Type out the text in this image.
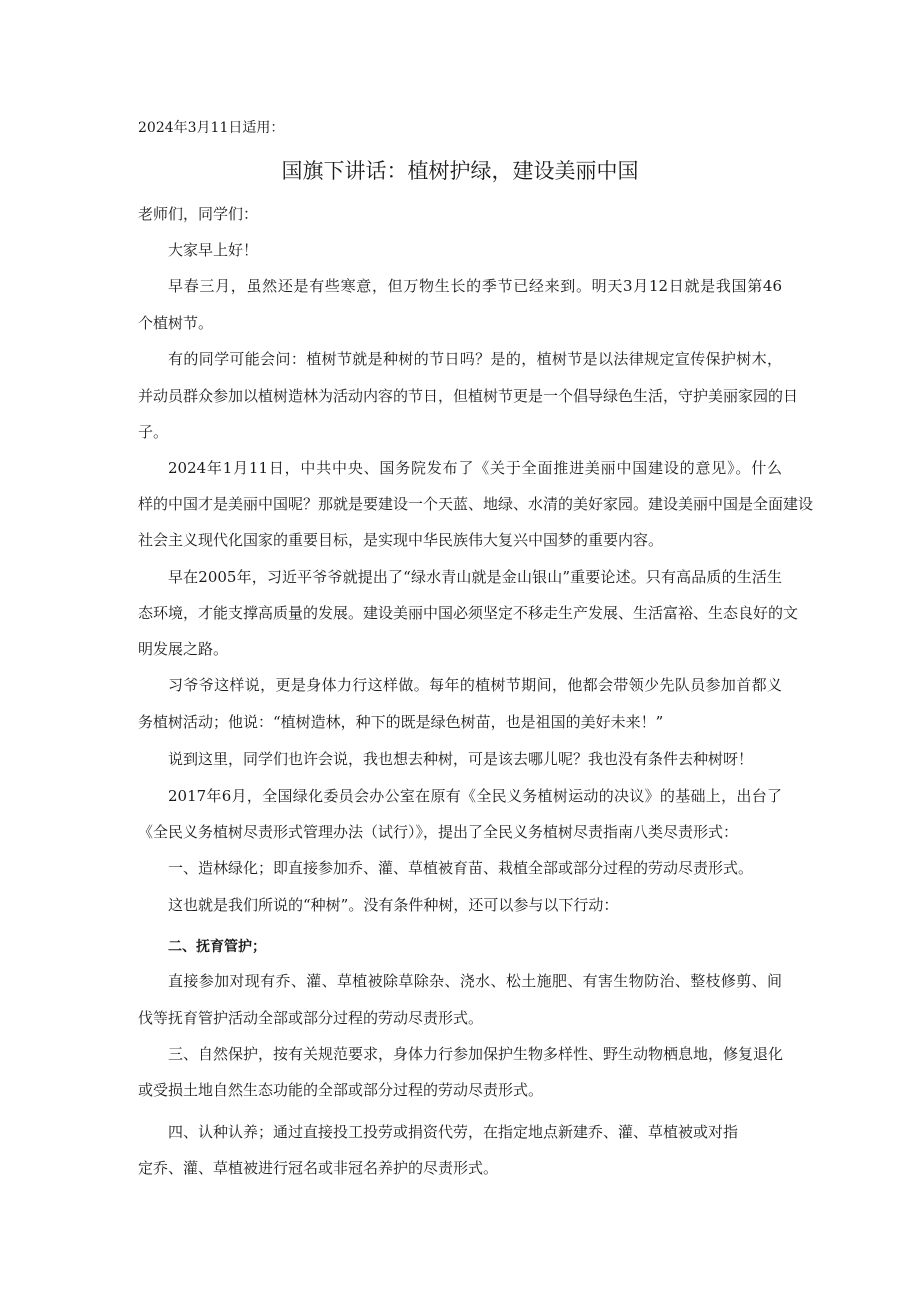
2024年3月11日适用：
国旗下讲话：植树护绿，建设美丽中国
老师们，同学们：
大家早上好！
早春三月，虽然还是有些寒意，但万物生长的季节已经来到。明天3月12日就是我国第46
个植树节。
有的同学可能会问：植树节就是种树的节日吗？是的，植树节是以法律规定宣传保护树木，
并动员群众参加以植树造林为活动内容的节日，但植树节更是一个倡导绿色生活，守护美丽家园的日
子。
2024年1月11日，中共中央、国务院发布了《关于全面推进美丽中国建设的意见》。什么
样的中国才是美丽中国呢？那就是要建设一个天蓝、地绿、水清的美好家园。建设美丽中国是全面建设
社会主义现代化国家的重要目标，是实现中华民族伟大复兴中国梦的重要内容。
早在2005年，习近平爷爷就提出了“绿水青山就是金山银山”重要论述。只有高品质的生活生
态环境，才能支撑高质量的发展。建设美丽中国必须坚定不移走生产发展、生活富裕、生态良好的文
明发展之路。
习爷爷这样说，更是身体力行这样做。每年的植树节期间，他都会带领少先队员参加首都义
务植树活动；他说：“植树造林，种下的既是绿色树苗，也是祖国的美好未来！”
说到这里，同学们也许会说，我也想去种树，可是该去哪儿呢？我也没有条件去种树呀！
2017年6月，全国绿化委员会办公室在原有《全民义务植树运动的决议》的基础上，出台了
《全民义务植树尽责形式管理办法（试行）》，提出了全民义务植树尽责指南八类尽责形式：
一、造林绿化；即直接参加乔、灌、草植被育苗、栽植全部或部分过程的劳动尽责形式。
这也就是我们所说的“种树”。没有条件种树，还可以参与以下行动：
二、抚育管护；
直接参加对现有乔、灌、草植被除草除杂、浇水、松土施肥、有害生物防治、整枝修剪、间
伐等抚育管护活动全部或部分过程的劳动尽责形式。
三、自然保护，按有关规范要求，身体力行参加保护生物多样性、野生动物栖息地，修复退化
或受损土地自然生态功能的全部或部分过程的劳动尽责形式。
四、认种认养；通过直接投工投劳或捐资代劳，在指定地点新建乔、灌、草植被或对指
定乔、灌、草植被进行冠名或非冠名养护的尽责形式。
